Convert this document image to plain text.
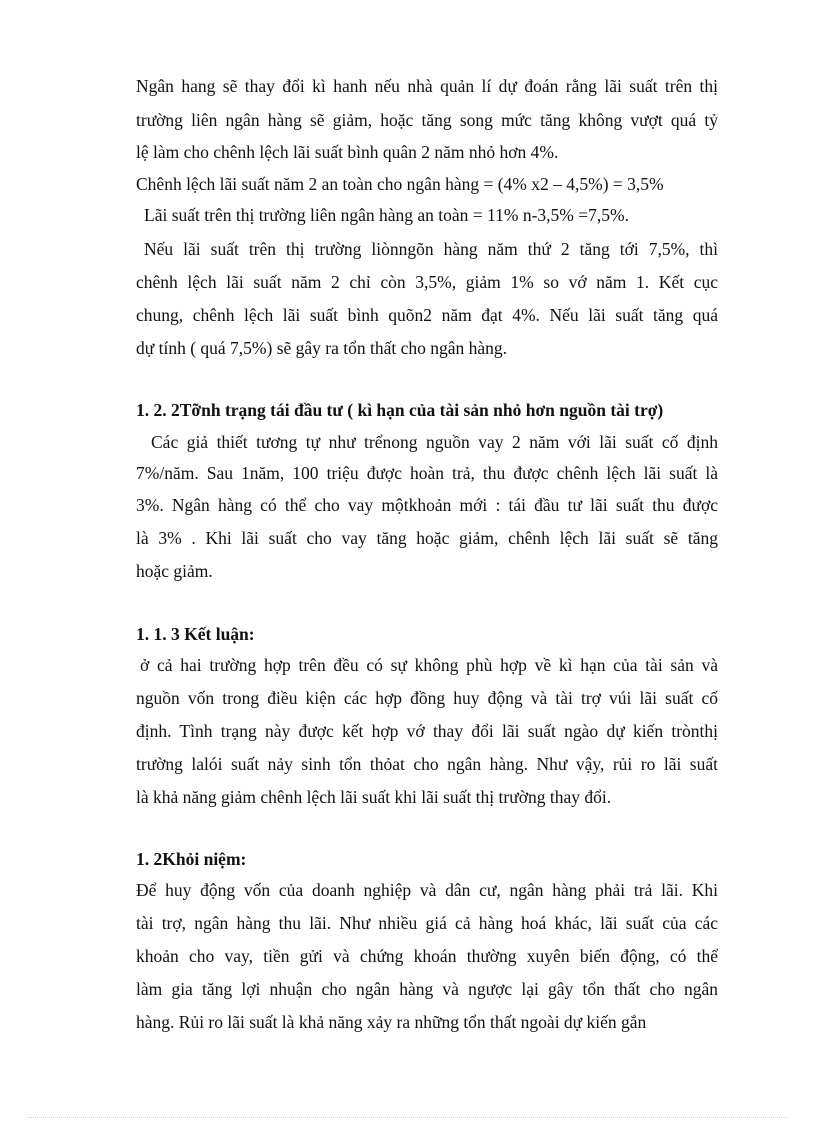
Ngân hang sẽ thay đổi kì hanh nếu nhà quản lí dự đoán rằng lãi suất trên thị
trường liên ngân hàng sẽ giảm, hoặc tăng song mức tăng không vượt quá tỷ
lệ làm cho chênh lệch lãi suất bình quân 2 năm nhỏ hơn 4%.
Chênh lệch lãi suất năm 2 an toàn cho ngân hàng = (4% x2 – 4,5%) = 3,5%
Lãi suất trên thị trường liên ngân hàng an toàn = 11% n-3,5% =7,5%.
Nếu lãi suất trên thị trường liònngõn hàng năm thứ 2 tăng tới 7,5%, thì
chênh lệch lãi suất năm 2 chỉ còn 3,5%, giảm 1% so vớ năm 1. Kết cục
chung, chênh lệch lãi suất bình quõn2 năm đạt 4%. Nếu lãi suất tăng quá
dự tính ( quá 7,5%) sẽ gây ra tổn thất cho ngân hàng.
1. 2. 2Tỡnh trạng tái đầu tư ( kì hạn của tài sản nhỏ hơn nguồn tài trợ)
Các giả thiết tương tự như trểnong nguồn vay 2 năm với lãi suất cố định
7%/năm. Sau 1năm, 100 triệu được hoàn trả, thu được chênh lệch lãi suất là
3%. Ngân hàng có thể cho vay mộtkhoản mới : tái đầu tư lãi suất thu được
là 3% . Khi lãi suất cho vay tăng hoặc giảm, chênh lệch lãi suất sẽ tăng
hoặc giảm.
1. 1. 3 Kết luận:
ở cả hai trường hợp trên đều có sự không phù hợp về kì hạn của tài sản và
nguồn vốn trong điều kiện các hợp đồng huy động và tài trợ vúi lãi suất cố
định. Tình trạng này được kết hợp vớ thay đổi lãi suất ngào dự kiến trònthị
trường lalói suất nảy sinh tổn thỏat cho ngân hàng. Như vậy, rủi ro lãi suất
là khả năng giảm chênh lệch lãi suất khi lãi suất thị trường thay đổi.
1. 2Khỏi niệm:
Để huy động vốn của doanh nghiệp và dân cư, ngân hàng phải trả lãi. Khi
tài trợ, ngân hàng thu lãi. Như nhiều giá cả hàng hoá khác, lãi suất của các
khoản cho vay, tiền gửi và chứng khoán thường xuyên biến động, có thể
làm gia tăng lợi nhuận cho ngân hàng và ngược lại gây tổn thất cho ngân
hàng. Rủi ro lãi suất là khả năng xảy ra những tổn thất ngoài dự kiến gắn
